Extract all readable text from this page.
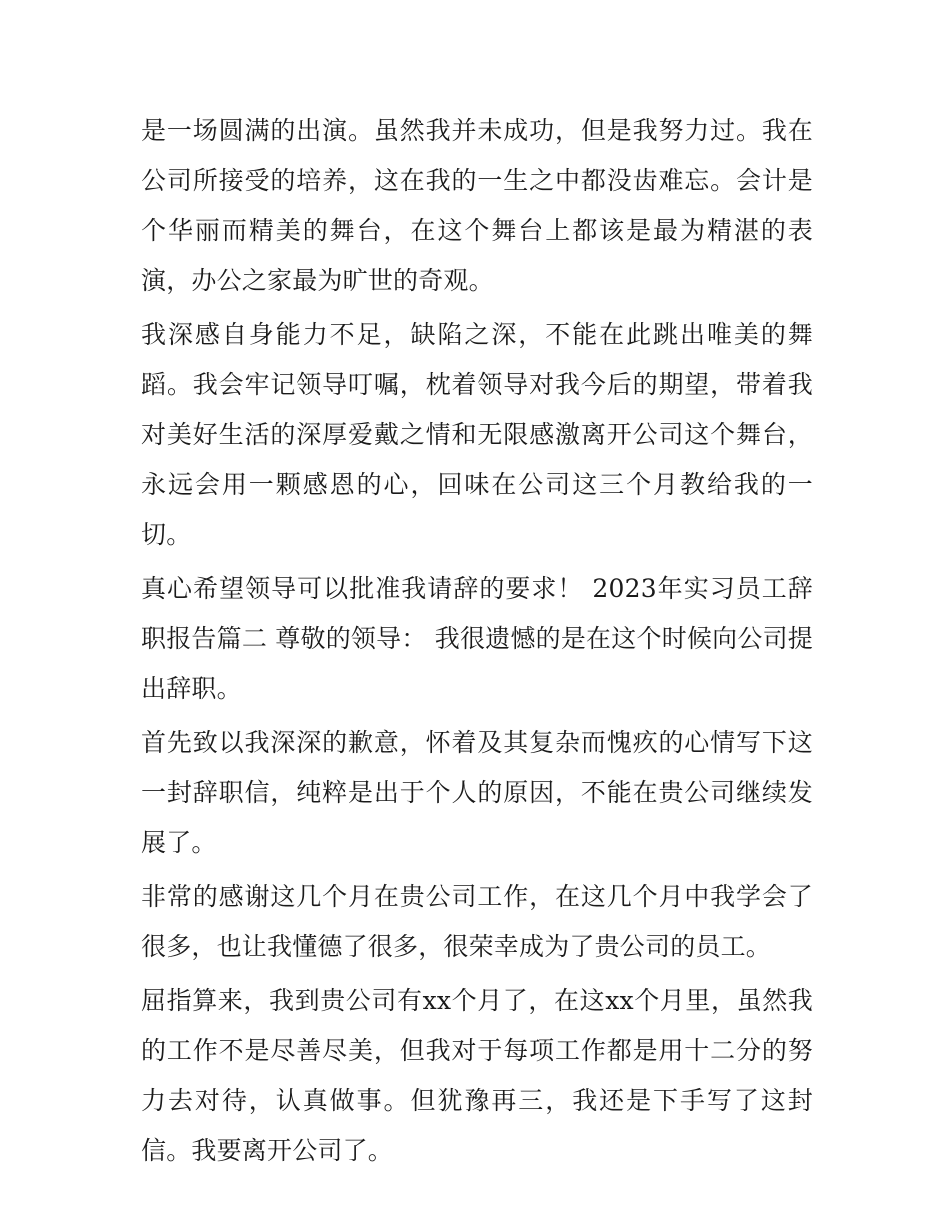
是一场圆满的出演。虽然我并未成功，但是我努力过。我在公司所接受的培养，这在我的一生之中都没齿难忘。会计是个华丽而精美的舞台，在这个舞台上都该是最为精湛的表演，办公之家最为旷世的奇观。

我深感自身能力不足，缺陷之深，不能在此跳出唯美的舞蹈。我会牢记领导叮嘱，枕着领导对我今后的期望，带着我对美好生活的深厚爱戴之情和无限感激离开公司这个舞台，永远会用一颗感恩的心，回味在公司这三个月教给我的一切。

真心希望领导可以批准我请辞的要求！ 2023年实习员工辞职报告篇二 尊敬的领导： 我很遗憾的是在这个时候向公司提出辞职。

首先致以我深深的歉意，怀着及其复杂而愧疚的心情写下这一封辞职信，纯粹是出于个人的原因，不能在贵公司继续发展了。

非常的感谢这几个月在贵公司工作，在这几个月中我学会了很多，也让我懂德了很多，很荣幸成为了贵公司的员工。

屈指算来，我到贵公司有xx个月了，在这xx个月里，虽然我的工作不是尽善尽美，但我对于每项工作都是用十二分的努力去对待，认真做事。但犹豫再三，我还是下手写了这封信。我要离开公司了。
